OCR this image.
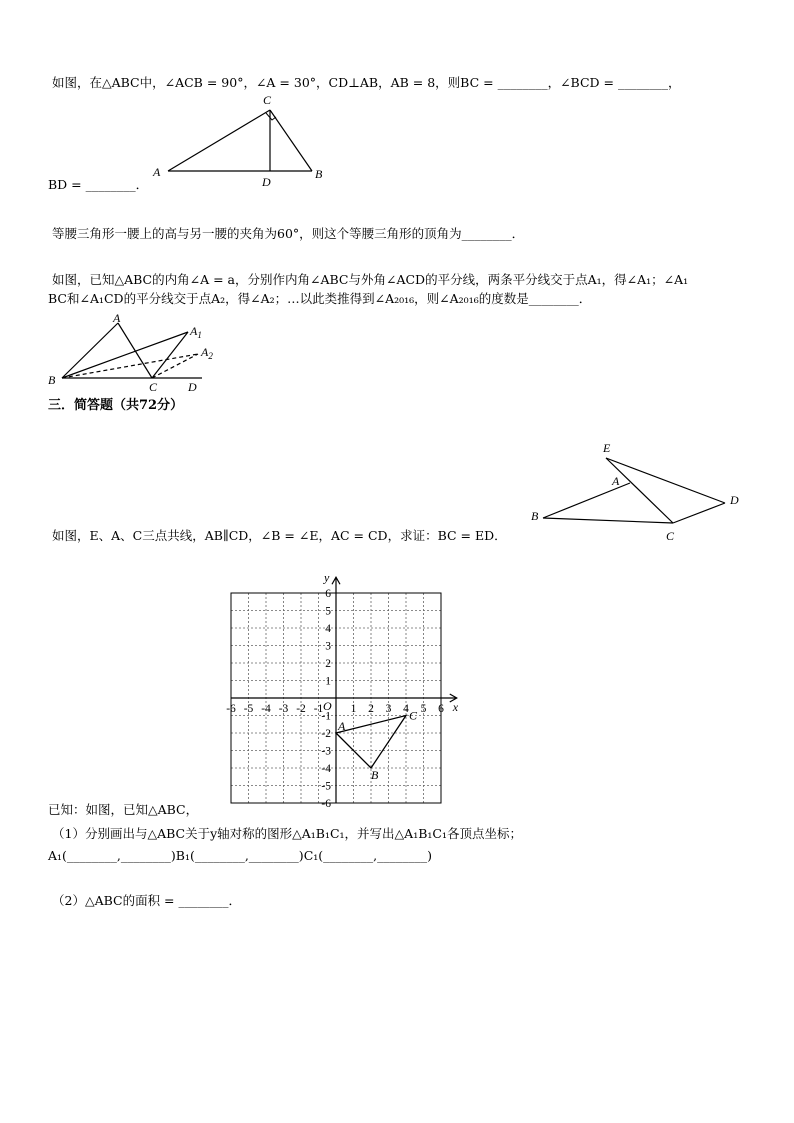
如图，在△ABC中，∠ACB = 90°，∠A = 30°，CD⊥AB，AB = 8，则BC = ________，∠BCD = ________，
C
A	B
D
BD = ________．
等腰三角形一腰上的高与另一腰的夹角为60°，则这个等腰三角形的顶角为________．
如图，已知△ABC的内角∠A = a，分别作内角∠ABC与外角∠ACD的平分线，两条平分线交于点A₁，得∠A₁；∠A₁
BC和∠A₁CD的平分线交于点A₂，得∠A₂；…以此类推得到∠A₂₀₁₆，则∠A₂₀₁₆的度数是________．
A
$A_1$
$A_2$
B	C	D
三．简答题（共72分）
E
A
B
C
D
如图，E、A、C三点共线，AB∥CD，∠B = ∠E，AC = CD，求证：BC = ED．
x
y
O
-6 -5 -4 -3 -2 -1 1 2 3 4 5 6
6
5
4
3
2
1
-1
-2
-3
-4
-5
-6
A
B
C
已知：如图，已知△ABC，
（1）分别画出与△ABC关于y轴对称的图形△A₁B₁C₁，并写出△A₁B₁C₁各顶点坐标；
A₁(________,________)B₁(________,________)C₁(________,________)
（2）△ABC的面积 = ________．
